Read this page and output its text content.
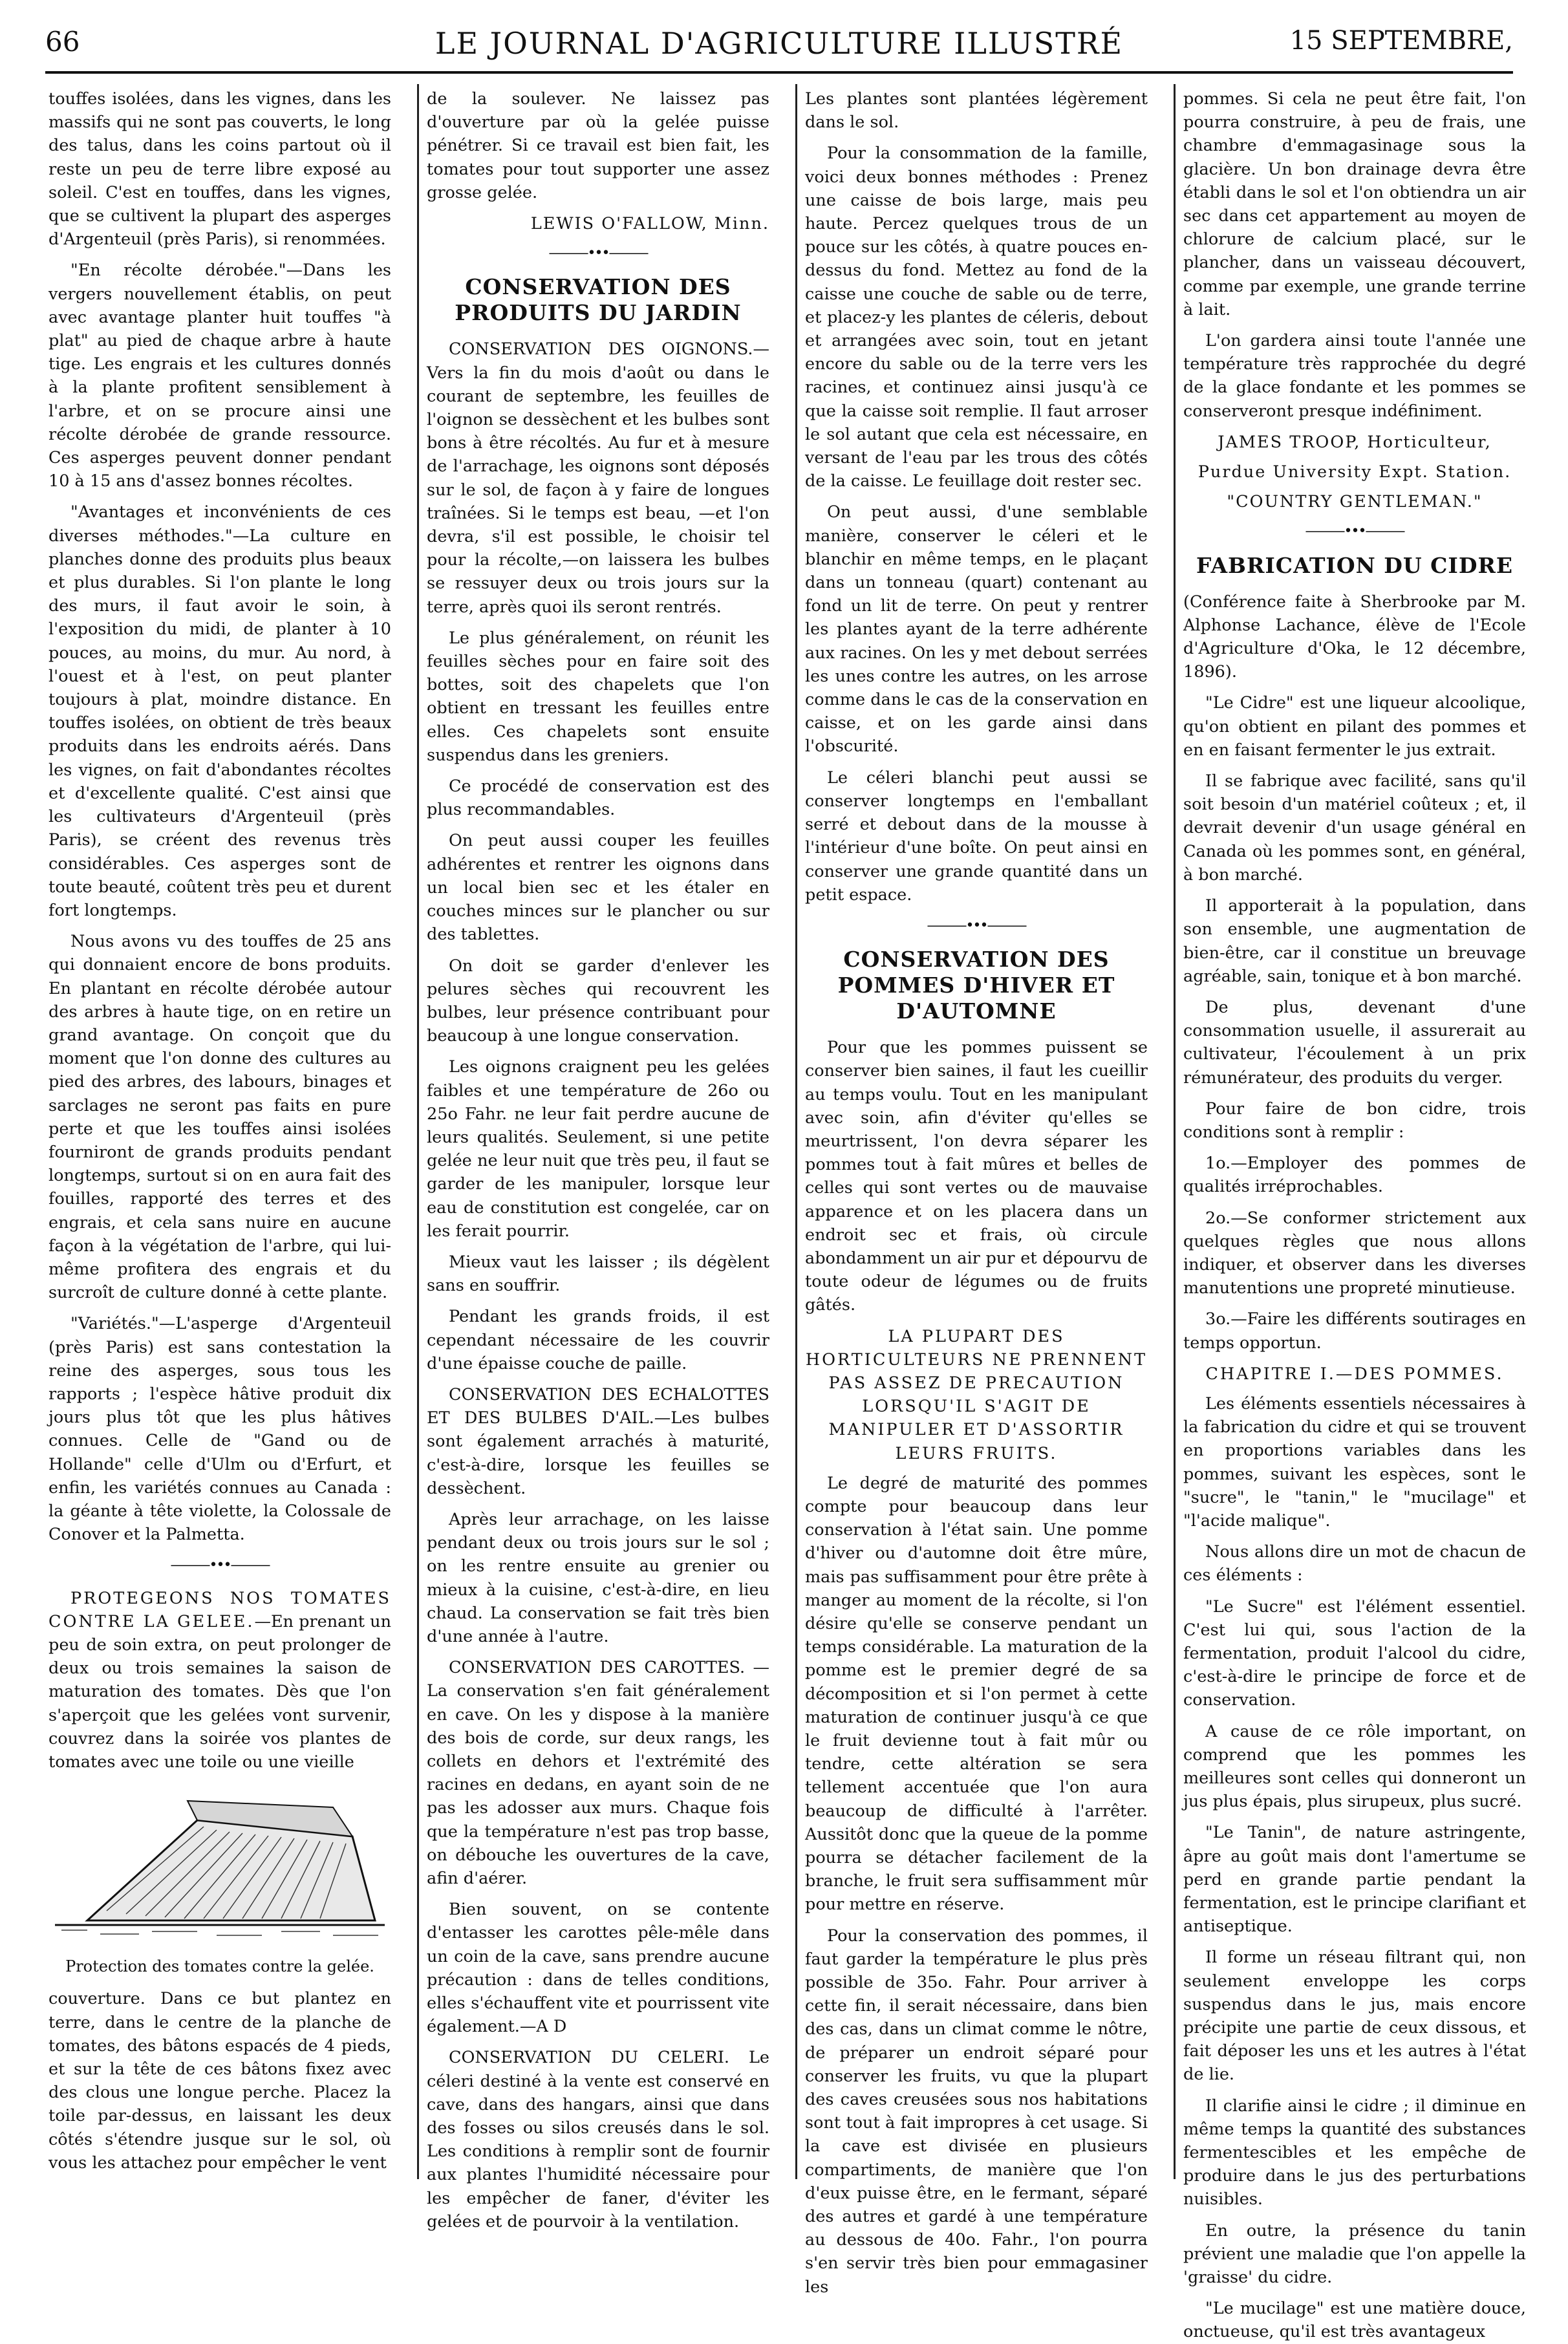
66	LE JOURNAL D'AGRICULTURE ILLUSTRÉ	15 SEPTEMBRE,

touffes isolées, dans les vignes, dans les massifs qui ne sont pas couverts, le long des talus, dans les coins partout où il reste un peu de terre libre exposé au soleil. C'est en touffes, dans les vignes, que se cultivent la plupart des asperges d'Argenteuil (près Paris), si renommées.

"En récolte dérobée."—Dans les vergers nouvellement établis, on peut avec avantage planter huit touffes "à plat" au pied de chaque arbre à haute tige. Les engrais et les cultures donnés à la plante profitent sensiblement à l'arbre, et on se procure ainsi une récolte dérobée de grande ressource. Ces asperges peuvent donner pendant 10 à 15 ans d'assez bonnes récoltes.

"Avantages et inconvénients de ces diverses méthodes."—La culture en planches donne des produits plus beaux et plus durables. Si l'on plante le long des murs, il faut avoir le soin, à l'exposition du midi, de planter à 10 pouces, au moins, du mur. Au nord, à l'ouest et à l'est, on peut planter toujours à plat, moindre distance. En touffes isolées, on obtient de très beaux produits dans les endroits aérés. Dans les vignes, on fait d'abondantes récoltes et d'excellente qualité. C'est ainsi que les cultivateurs d'Argenteuil (près Paris), se créent des revenus très considérables. Ces asperges sont de toute beauté, coûtent très peu et durent fort longtemps.

Nous avons vu des touffes de 25 ans qui donnaient encore de bons produits. En plantant en récolte dérobée autour des arbres à haute tige, on en retire un grand avantage. On conçoit que du moment que l'on donne des cultures au pied des arbres, des labours, binages et sarclages ne seront pas faits en pure perte et que les touffes ainsi isolées fourniront de grands produits pendant longtemps, surtout si on en aura fait des fouilles, rapporté des terres et des engrais, et cela sans nuire en aucune façon à la végétation de l'arbre, qui lui-même profitera des engrais et du surcroît de culture donné à cette plante.

"Variétés."—L'asperge d'Argenteuil (près Paris) est sans contestation la reine des asperges, sous tous les rapports ; l'espèce hâtive produit dix jours plus tôt que les plus hâtives connues. Celle de "Gand ou de Hollande" celle d'Ulm ou d'Erfurt, et enfin, les variétés connues au Canada : la géante à tête violette, la Colossale de Conover et la Palmetta.

———•••———

PROTEGEONS NOS TOMATES CONTRE LA GELEE.—En prenant un peu de soin extra, on peut prolonger de deux ou trois semaines la saison de maturation des tomates. Dès que l'on s'aperçoit que les gelées vont survenir, couvrez dans la soirée vos plantes de tomates avec une toile ou une vieille

Protection des tomates contre la gelée.

couverture. Dans ce but plantez en terre, dans le centre de la planche de tomates, des bâtons espacés de 4 pieds, et sur la tête de ces bâtons fixez avec des clous une longue perche. Placez la toile par-dessus, en laissant les deux côtés s'étendre jusque sur le sol, où vous les attachez pour empêcher le vent

de la soulever. Ne laissez pas d'ouverture par où la gelée puisse pénétrer. Si ce travail est bien fait, les tomates pour tout supporter une assez grosse gelée.

LEWIS O'FALLOW, Minn.
———•••———
CONSERVATION DES PRODUITS DU JARDIN

CONSERVATION DES OIGNONS.—Vers la fin du mois d'août ou dans le courant de septembre, les feuilles de l'oignon se dessèchent et les bulbes sont bons à être récoltés. Au fur et à mesure de l'arrachage, les oignons sont déposés sur le sol, de façon à y faire de longues traînées. Si le temps est beau, —et l'on devra, s'il est possible, le choisir tel pour la récolte,—on laissera les bulbes se ressuyer deux ou trois jours sur la terre, après quoi ils seront rentrés.

Le plus généralement, on réunit les feuilles sèches pour en faire soit des bottes, soit des chapelets que l'on obtient en tressant les feuilles entre elles. Ces chapelets sont ensuite suspendus dans les greniers.

Ce procédé de conservation est des plus recommandables.

On peut aussi couper les feuilles adhérentes et rentrer les oignons dans un local bien sec et les étaler en couches minces sur le plancher ou sur des tablettes.

On doit se garder d'enlever les pelures sèches qui recouvrent les bulbes, leur présence contribuant pour beaucoup à une longue conservation.

Les oignons craignent peu les gelées faibles et une température de 26o ou 25o Fahr. ne leur fait perdre aucune de leurs qualités. Seulement, si une petite gelée ne leur nuit que très peu, il faut se garder de les manipuler, lorsque leur eau de constitution est congelée, car on les ferait pourrir.

Mieux vaut les laisser ; ils dégèlent sans en souffrir.

Pendant les grands froids, il est cependant nécessaire de les couvrir d'une épaisse couche de paille.

CONSERVATION DES ECHALOTTES ET DES BULBES D'AIL.—Les bulbes sont également arrachés à maturité, c'est-à-dire, lorsque les feuilles se dessèchent.

Après leur arrachage, on les laisse pendant deux ou trois jours sur le sol ; on les rentre ensuite au grenier ou mieux à la cuisine, c'est-à-dire, en lieu chaud. La conservation se fait très bien d'une année à l'autre.

CONSERVATION DES CAROTTES. —La conservation s'en fait généralement en cave. On les y dispose à la manière des bois de corde, sur deux rangs, les collets en dehors et l'extrémité des racines en dedans, en ayant soin de ne pas les adosser aux murs. Chaque fois que la température n'est pas trop basse, on débouche les ouvertures de la cave, afin d'aérer.

Bien souvent, on se contente d'entasser les carottes pêle-mêle dans un coin de la cave, sans prendre aucune précaution : dans de telles conditions, elles s'échauffent vite et pourrissent vite également.—A D

CONSERVATION DU CELERI. Le céleri destiné à la vente est conservé en cave, dans des hangars, ainsi que dans des fosses ou silos creusés dans le sol. Les conditions à remplir sont de fournir aux plantes l'humidité nécessaire pour les empêcher de faner, d'éviter les gelées et de pourvoir à la ventilation.

Les plantes sont plantées légèrement dans le sol.

Pour la consommation de la famille, voici deux bonnes méthodes : Prenez une caisse de bois large, mais peu haute. Percez quelques trous de un pouce sur les côtés, à quatre pouces en-dessus du fond. Mettez au fond de la caisse une couche de sable ou de terre, et placez-y les plantes de céleris, debout et arrangées avec soin, tout en jetant encore du sable ou de la terre vers les racines, et continuez ainsi jusqu'à ce que la caisse soit remplie. Il faut arroser le sol autant que cela est nécessaire, en versant de l'eau par les trous des côtés de la caisse. Le feuillage doit rester sec.

On peut aussi, d'une semblable manière, conserver le céleri et le blanchir en même temps, en le plaçant dans un tonneau (quart) contenant au fond un lit de terre. On peut y rentrer les plantes ayant de la terre adhérente aux racines. On les y met debout serrées les unes contre les autres, on les arrose comme dans le cas de la conservation en caisse, et on les garde ainsi dans l'obscurité.

Le céleri blanchi peut aussi se conserver longtemps en l'emballant serré et debout dans de la mousse à l'intérieur d'une boîte. On peut ainsi en conserver une grande quantité dans un petit espace.

———•••———
CONSERVATION DES POMMES D'HIVER ET D'AUTOMNE

Pour que les pommes puissent se conserver bien saines, il faut les cueillir au temps voulu. Tout en les manipulant avec soin, afin d'éviter qu'elles se meurtrissent, l'on devra séparer les pommes tout à fait mûres et belles de celles qui sont vertes ou de mauvaise apparence et on les placera dans un endroit sec et frais, où circule abondamment un air pur et dépourvu de toute odeur de légumes ou de fruits gâtés.

LA PLUPART DES HORTICULTEURS NE PRENNENT PAS ASSEZ DE PRECAUTION LORSQU'IL S'AGIT DE MANIPULER ET D'ASSORTIR LEURS FRUITS.

Le degré de maturité des pommes compte pour beaucoup dans leur conservation à l'état sain. Une pomme d'hiver ou d'automne doit être mûre, mais pas suffisamment pour être prête à manger au moment de la récolte, si l'on désire qu'elle se conserve pendant un temps considérable. La maturation de la pomme est le premier degré de sa décomposition et si l'on permet à cette maturation de continuer jusqu'à ce que le fruit devienne tout à fait mûr ou tendre, cette altération se sera tellement accentuée que l'on aura beaucoup de difficulté à l'arrêter. Aussitôt donc que la queue de la pomme pourra se détacher facilement de la branche, le fruit sera suffisamment mûr pour mettre en réserve.

Pour la conservation des pommes, il faut garder la température le plus près possible de 35o. Fahr. Pour arriver à cette fin, il serait nécessaire, dans bien des cas, dans un climat comme le nôtre, de préparer un endroit séparé pour conserver les fruits, vu que la plupart des caves creusées sous nos habitations sont tout à fait impropres à cet usage. Si la cave est divisée en plusieurs compartiments, de manière que l'on d'eux puisse être, en le fermant, séparé des autres et gardé à une température au dessous de 40o. Fahr., l'on pourra s'en servir très bien pour emmagasiner les

pommes. Si cela ne peut être fait, l'on pourra construire, à peu de frais, une chambre d'emmagasinage sous la glacière. Un bon drainage devra être établi dans le sol et l'on obtiendra un air sec dans cet appartement au moyen de chlorure de calcium placé, sur le plancher, dans un vaisseau découvert, comme par exemple, une grande terrine à lait.

L'on gardera ainsi toute l'année une température très rapprochée du degré de la glace fondante et les pommes se conserveront presque indéfiniment.

JAMES TROOP, Horticulteur,
Purdue University Expt. Station.
"COUNTRY GENTLEMAN."
———•••———
FABRICATION DU CIDRE

(Conférence faite à Sherbrooke par M. Alphonse Lachance, élève de l'Ecole d'Agriculture d'Oka, le 12 décembre, 1896).

"Le Cidre" est une liqueur alcoolique, qu'on obtient en pilant des pommes et en en faisant fermenter le jus extrait.

Il se fabrique avec facilité, sans qu'il soit besoin d'un matériel coûteux ; et, il devrait devenir d'un usage général en Canada où les pommes sont, en général, à bon marché.

Il apporterait à la population, dans son ensemble, une augmentation de bien-être, car il constitue un breuvage agréable, sain, tonique et à bon marché.

De plus, devenant d'une consommation usuelle, il assurerait au cultivateur, l'écoulement à un prix rémunérateur, des produits du verger.

Pour faire de bon cidre, trois conditions sont à remplir :

1o.—Employer des pommes de qualités irréprochables.

2o.—Se conformer strictement aux quelques règles que nous allons indiquer, et observer dans les diverses manutentions une propreté minutieuse.

3o.—Faire les différents soutirages en temps opportun.

CHAPITRE I.—DES POMMES.

Les éléments essentiels nécessaires à la fabrication du cidre et qui se trouvent en proportions variables dans les pommes, suivant les espèces, sont le "sucre", le "tanin," le "mucilage" et "l'acide malique".

Nous allons dire un mot de chacun de ces éléments :

"Le Sucre" est l'élément essentiel. C'est lui qui, sous l'action de la fermentation, produit l'alcool du cidre, c'est-à-dire le principe de force et de conservation.

A cause de ce rôle important, on comprend que les pommes les meilleures sont celles qui donneront un jus plus épais, plus sirupeux, plus sucré.

"Le Tanin", de nature astringente, âpre au goût mais dont l'amertume se perd en grande partie pendant la fermentation, est le principe clarifiant et antiseptique.

Il forme un réseau filtrant qui, non seulement enveloppe les corps suspendus dans le jus, mais encore précipite une partie de ceux dissous, et fait déposer les uns et les autres à l'état de lie.

Il clarifie ainsi le cidre ; il diminue en même temps la quantité des substances fermentescibles et les empêche de produire dans le jus des perturbations nuisibles.

En outre, la présence du tanin prévient une maladie que l'on appelle la 'graisse' du cidre.

"Le mucilage" est une matière douce, onctueuse, qu'il est très avantageux
